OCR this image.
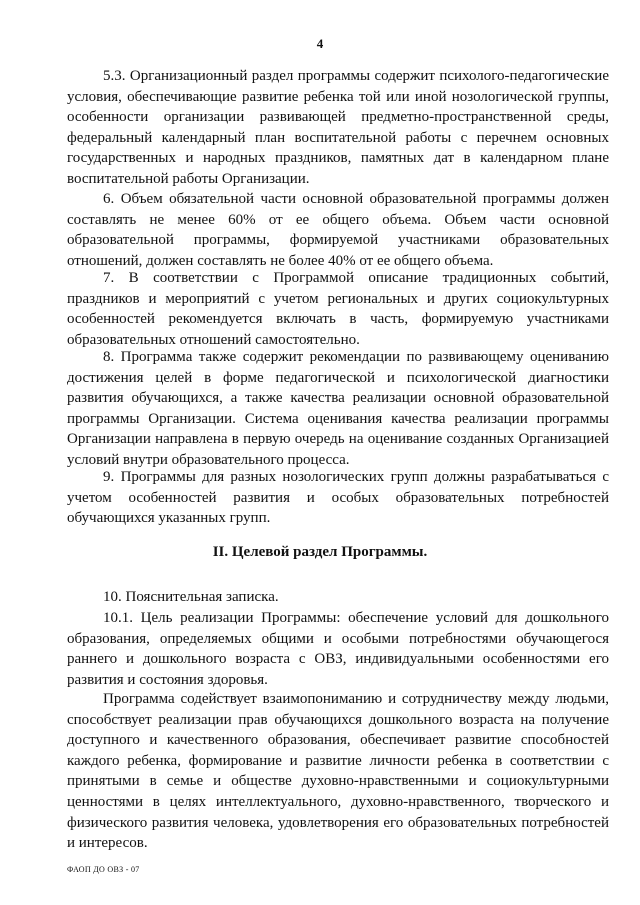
4

5.3. Организационный раздел программы содержит психолого-педагогические условия, обеспечивающие развитие ребенка той или иной нозологической группы, особенности организации развивающей предметно-пространственной среды, федеральный календарный план воспитательной работы с перечнем основных государственных и народных праздников, памятных дат в календарном плане воспитательной работы Организации.

6. Объем обязательной части основной образовательной программы должен составлять не менее 60% от ее общего объема. Объем части основной образовательной программы, формируемой участниками образовательных отношений, должен составлять не более 40% от ее общего объема.

7. В соответствии с Программой описание традиционных событий, праздников и мероприятий с учетом региональных и других социокультурных особенностей рекомендуется включать в часть, формируемую участниками образовательных отношений самостоятельно.

8. Программа также содержит рекомендации по развивающему оцениванию достижения целей в форме педагогической и психологической диагностики развития обучающихся, а также качества реализации основной образовательной программы Организации. Система оценивания качества реализации программы Организации направлена в первую очередь на оценивание созданных Организацией условий внутри образовательного процесса.

9. Программы для разных нозологических групп должны разрабатываться с учетом особенностей развития и особых образовательных потребностей обучающихся указанных групп.

II. Целевой раздел Программы.

10. Пояснительная записка.

10.1. Цель реализации Программы: обеспечение условий для дошкольного образования, определяемых общими и особыми потребностями обучающегося раннего и дошкольного возраста с ОВЗ, индивидуальными особенностями его развития и состояния здоровья.

Программа содействует взаимопониманию и сотрудничеству между людьми, способствует реализации прав обучающихся дошкольного возраста на получение доступного и качественного образования, обеспечивает развитие способностей каждого ребенка, формирование и развитие личности ребенка в соответствии с принятыми в семье и обществе духовно-нравственными и социокультурными ценностями в целях интеллектуального, духовно-нравственного, творческого и физического развития человека, удовлетворения его образовательных потребностей и интересов.

ФАОП ДО ОВЗ - 07
